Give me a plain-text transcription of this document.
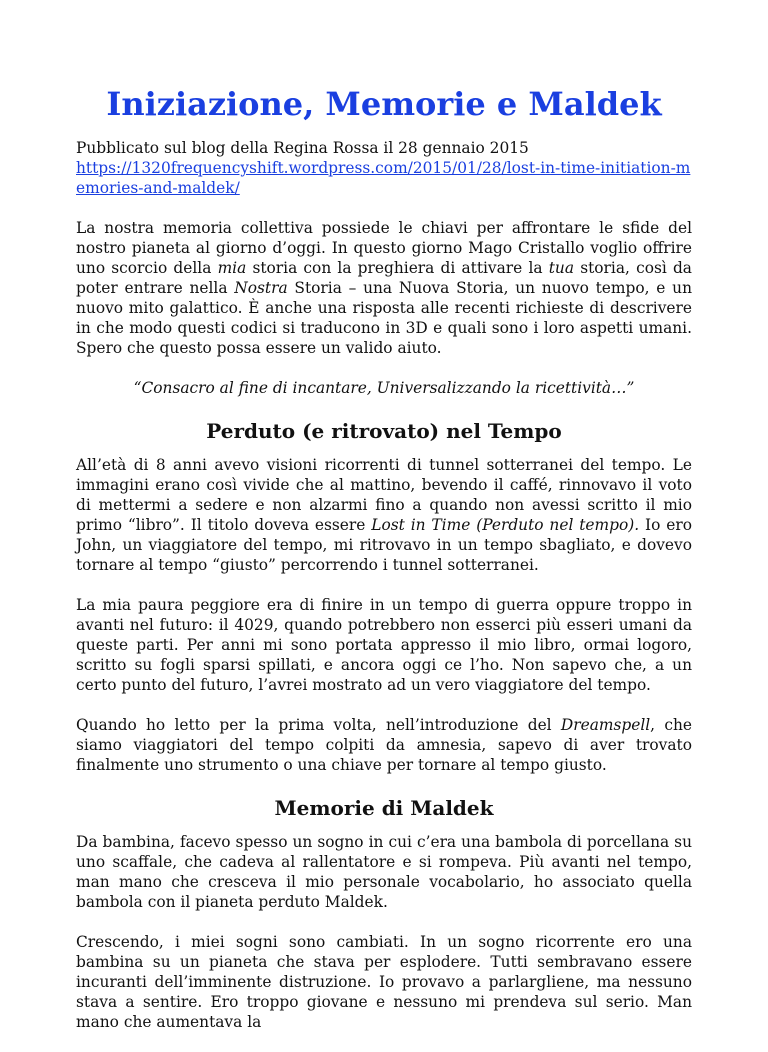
Iniziazione, Memorie e Maldek
Pubblicato sul blog della Regina Rossa il 28 gennaio 2015
https://1320frequencyshift.wordpress.com/2015/01/28/lost-in-time-initiation-memories-and-maldek/

La nostra memoria collettiva possiede le chiavi per affrontare le sfide del nostro pianeta al giorno d’oggi. In questo giorno Mago Cristallo voglio offrire uno scorcio della mia storia con la preghiera di attivare la tua storia, così da poter entrare nella Nostra Storia – una Nuova Storia, un nuovo tempo, e un nuovo mito galattico. È anche una risposta alle recenti richieste di descrivere in che modo questi codici si traducono in 3D e quali sono i loro aspetti umani. Spero che questo possa essere un valido aiuto.

“Consacro al fine di incantare, Universalizzando la ricettività…”

Perduto (e ritrovato) nel Tempo

All’età di 8 anni avevo visioni ricorrenti di tunnel sotterranei del tempo. Le immagini erano così vivide che al mattino, bevendo il caffé, rinnovavo il voto di mettermi a sedere e non alzarmi fino a quando non avessi scritto il mio primo “libro”. Il titolo doveva essere Lost in Time (Perduto nel tempo). Io ero John, un viaggiatore del tempo, mi ritrovavo in un tempo sbagliato, e dovevo tornare al tempo “giusto” percorrendo i tunnel sotterranei.

La mia paura peggiore era di finire in un tempo di guerra oppure troppo in avanti nel futuro: il 4029, quando potrebbero non esserci più esseri umani da queste parti. Per anni mi sono portata appresso il mio libro, ormai logoro, scritto su fogli sparsi spillati, e ancora oggi ce l’ho. Non sapevo che, a un certo punto del futuro, l’avrei mostrato ad un vero viaggiatore del tempo.

Quando ho letto per la prima volta, nell’introduzione del Dreamspell, che siamo viaggiatori del tempo colpiti da amnesia, sapevo di aver trovato finalmente uno strumento o una chiave per tornare al tempo giusto.

Memorie di Maldek

Da bambina, facevo spesso un sogno in cui c’era una bambola di porcellana su uno scaffale, che cadeva al rallentatore e si rompeva. Più avanti nel tempo, man mano che cresceva il mio personale vocabolario, ho associato quella bambola con il pianeta perduto Maldek.

Crescendo, i miei sogni sono cambiati. In un sogno ricorrente ero una bambina su un pianeta che stava per esplodere. Tutti sembravano essere incuranti dell’imminente distruzione. Io provavo a parlargliene, ma nessuno stava a sentire. Ero troppo giovane e nessuno mi prendeva sul serio. Man mano che aumentava la
